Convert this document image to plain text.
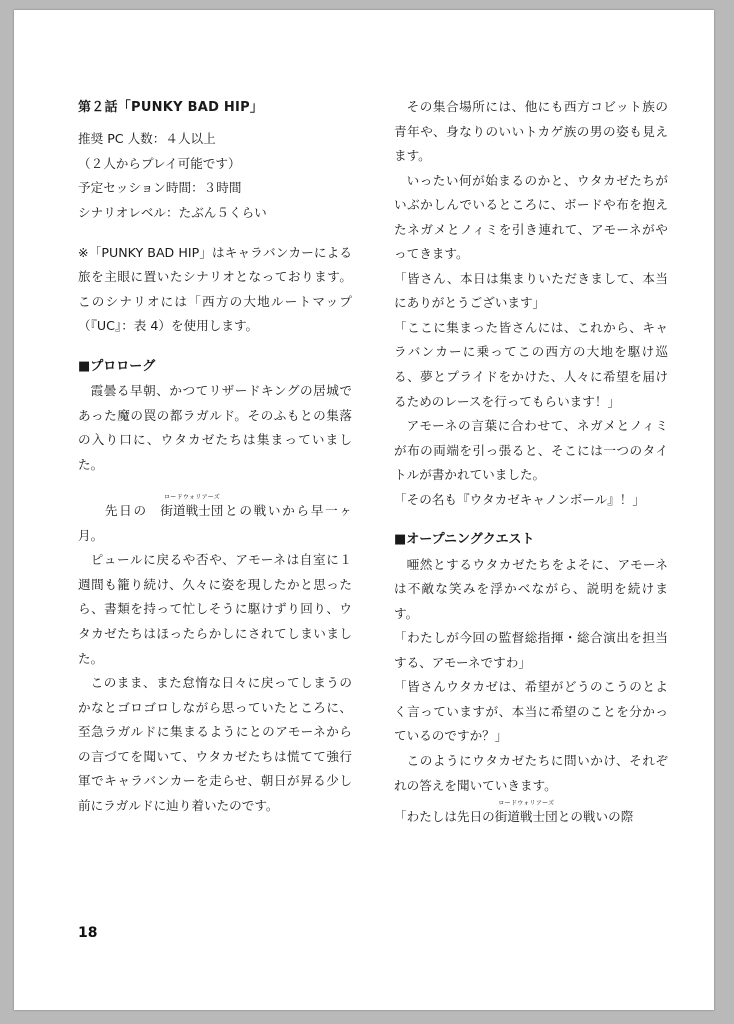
第２話「PUNKY BAD HIP」

推奨 PC 人数：４人以上

（２人からプレイ可能です）

予定セッション時間：３時間

シナリオレベル：たぶん５くらい

※「PUNKY BAD HIP」はキャラバンカーによる旅を主眼に置いたシナリオとなっております。このシナリオには「西方の大地ルートマップ（『UC』：表 4）を使用します。

■プロローグ

霞曇る早朝、かつてリザードキングの居城であった魔の罠の都ラガルド。そのふもとの集落の入り口に、ウタカゼたちは集まっていました。

　先日の
ロードウォリアーズ
街道戦士団との戦いから早一ヶ月。

ピュールに戻るや否や、アモーネは自室に１週間も籠り続け、久々に姿を現したかと思ったら、書類を持って忙しそうに駆けずり回り、ウタカゼたちはほったらかしにされてしまいました。

このまま、また怠惰な日々に戻ってしまうのかなとゴロゴロしながら思っていたところに、至急ラガルドに集まるようにとのアモーネからの言づてを聞いて、ウタカゼたちは慌てて強行軍でキャラバンカーを走らせ、朝日が昇る少し前にラガルドに辿り着いたのです。

その集合場所には、他にも西方コビット族の青年や、身なりのいいトカゲ族の男の姿も見えます。

いったい何が始まるのかと、ウタカゼたちがいぶかしんでいるところに、ボードや布を抱えたネガメとノィミを引き連れて、アモーネがやってきます。

「皆さん、本日は集まりいただきまして、本当にありがとうございます」

「ここに集まった皆さんには、これから、キャラバンカーに乗ってこの西方の大地を駆け巡る、夢とプライドをかけた、人々に希望を届けるためのレースを行ってもらいます！」

アモーネの言葉に合わせて、ネガメとノィミが布の両端を引っ張ると、そこには一つのタイトルが書かれていました。

「その名も『ウタカゼキャノンボール』！」

■オープニングクエスト

唖然とするウタカゼたちをよそに、アモーネは不敵な笑みを浮かべながら、説明を続けます。

「わたしが今回の監督総指揮・総合演出を担当する、アモーネですわ」

「皆さんウタカゼは、希望がどうのこうのとよく言っていますが、本当に希望のことを分かっているのですか？」

このようにウタカゼたちに問いかけ、それぞれの答えを聞いていきます。

「わたしは先日の
ロードウォリアーズ
街道戦士団との戦いの際

18
